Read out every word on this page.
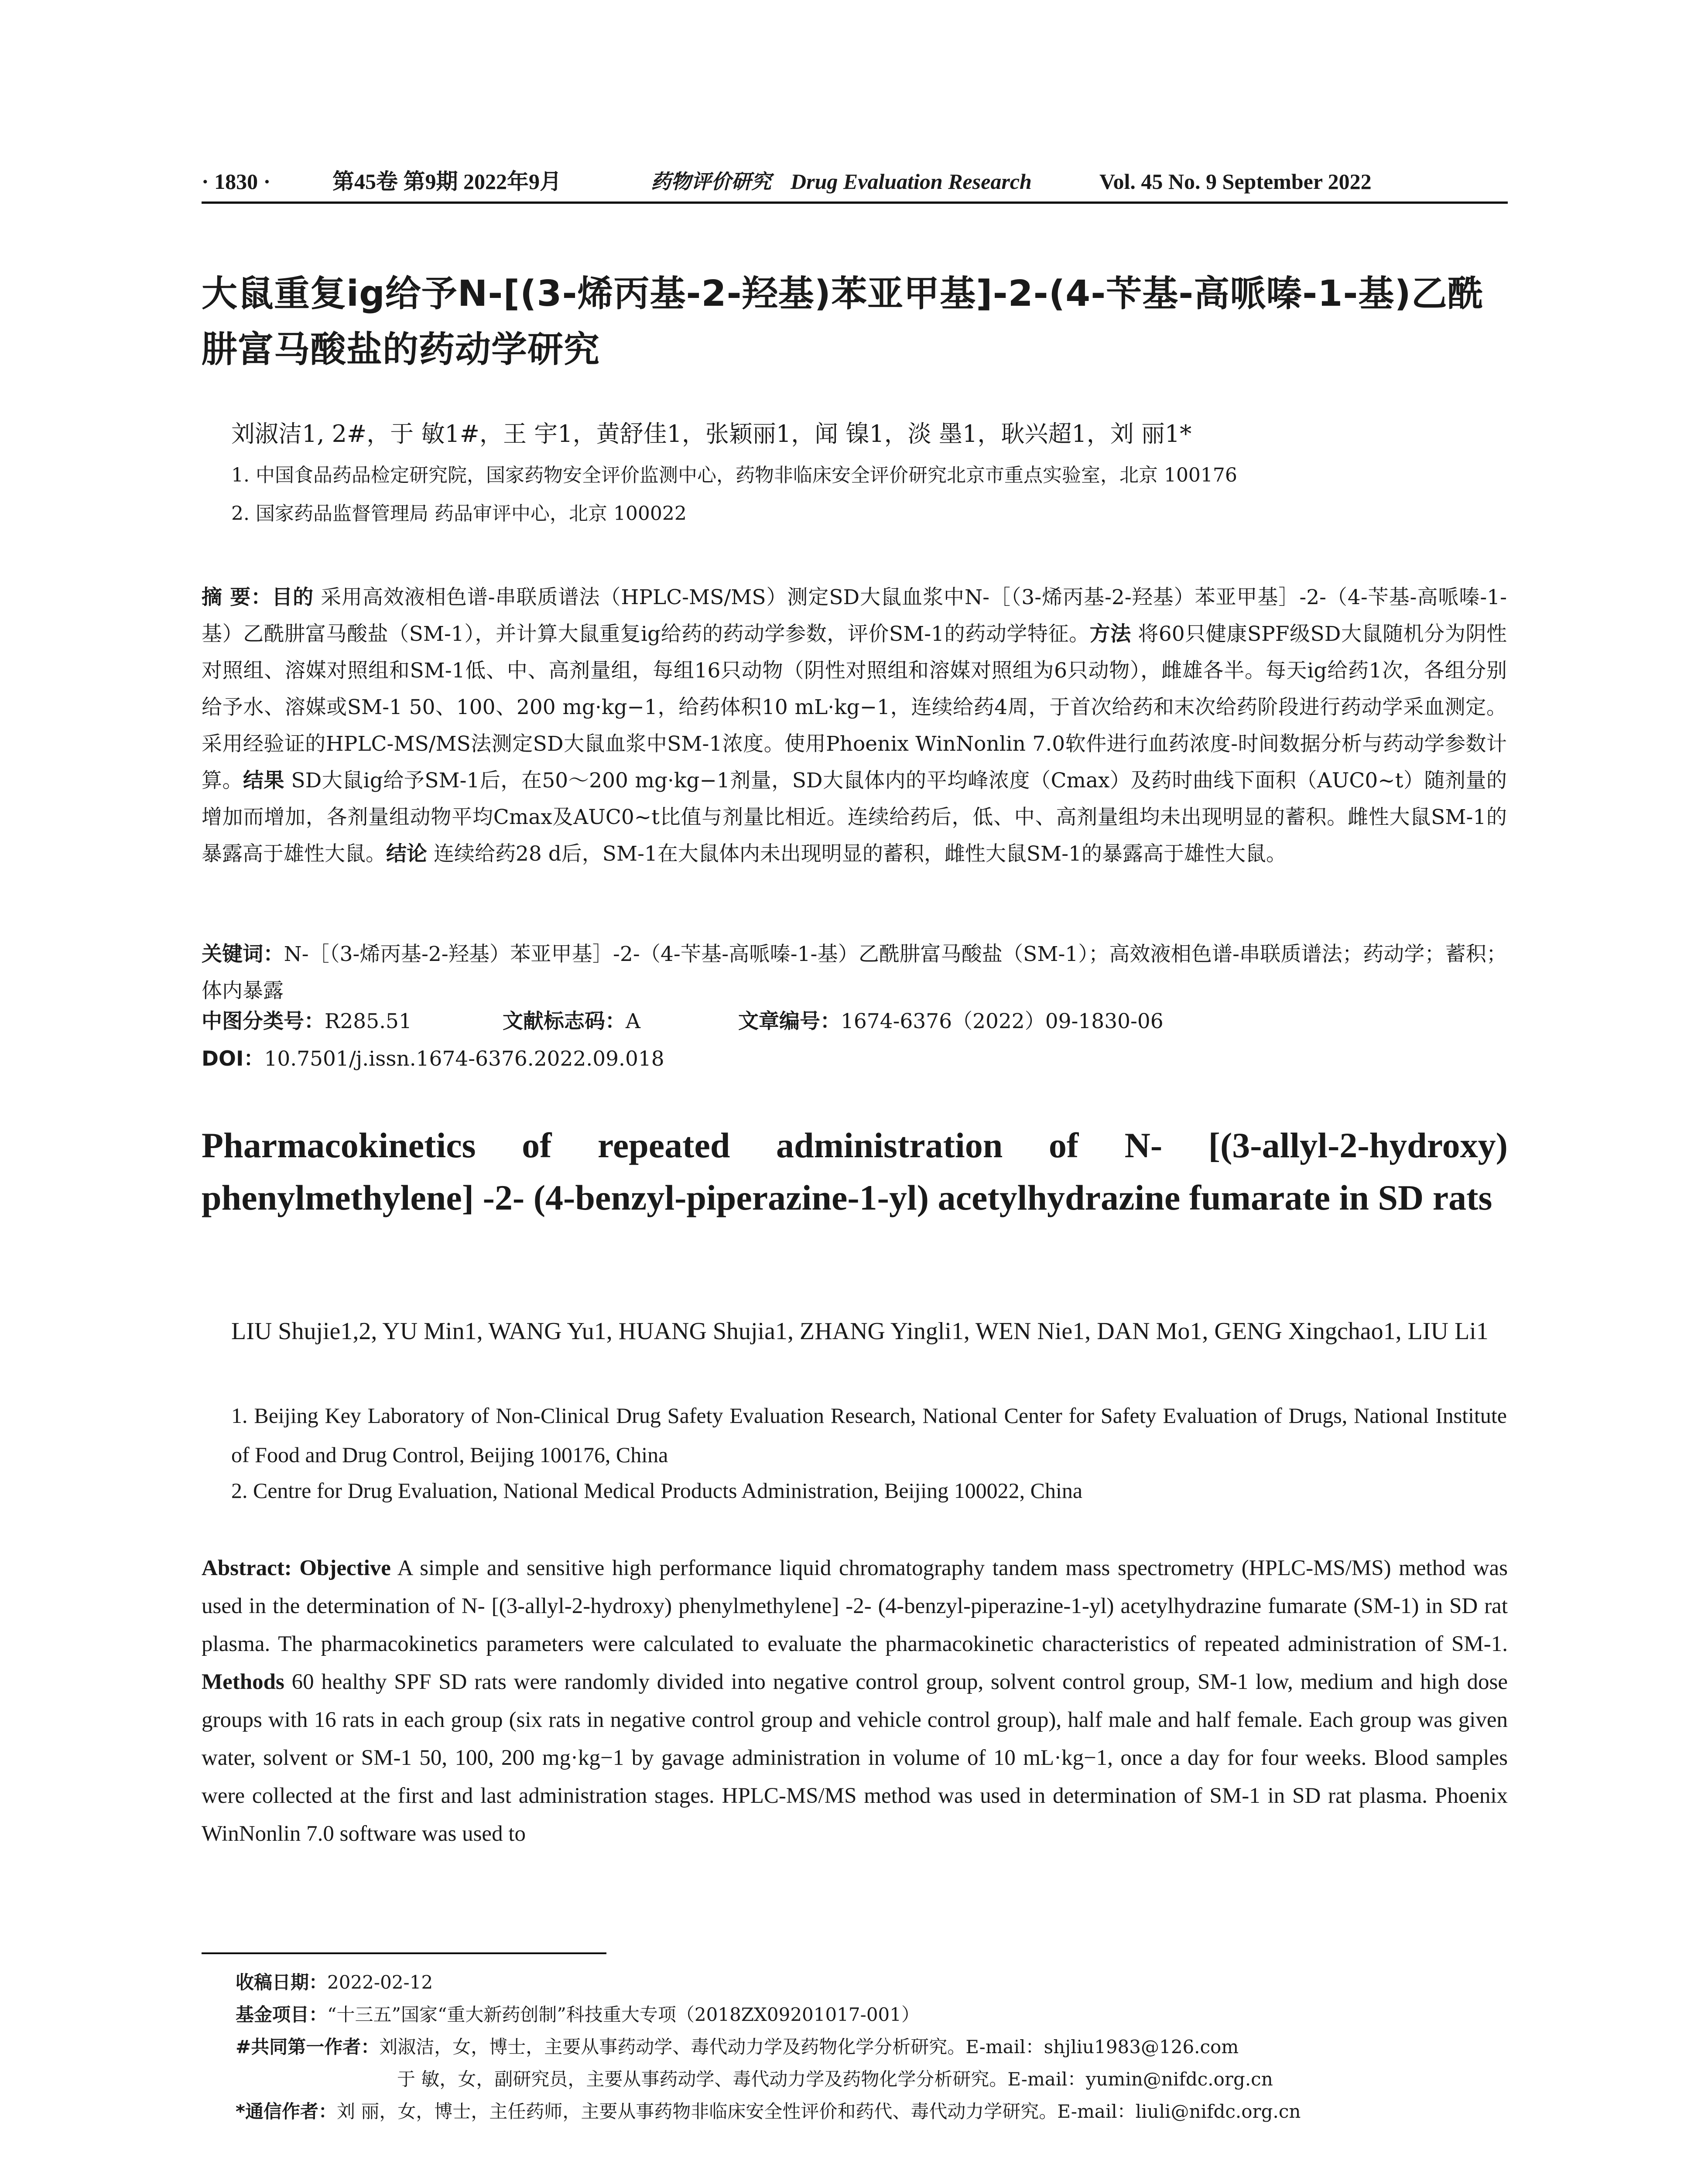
· 1830 ·	第45卷 第9期 2022年9月	药物评价研究 Drug Evaluation Research	Vol. 45 No. 9 September 2022
大鼠重复ig给予N-[(3-烯丙基-2-羟基)苯亚甲基]-2-(4-苄基-高哌嗪-1-基)乙酰肼富马酸盐的药动学研究
刘淑洁1, 2#，于 敏1#，王 宇1，黄舒佳1，张颖丽1，闻 镍1，淡 墨1，耿兴超1，刘 丽1*
1. 中国食品药品检定研究院，国家药物安全评价监测中心，药物非临床安全评价研究北京市重点实验室，北京 100176
2. 国家药品监督管理局 药品审评中心，北京 100022
摘 要：目的 采用高效液相色谱-串联质谱法（HPLC-MS/MS）测定SD大鼠血浆中N-［（3-烯丙基-2-羟基）苯亚甲基］-2-（4-苄基-高哌嗪-1-基）乙酰肼富马酸盐（SM-1），并计算大鼠重复ig给药的药动学参数，评价SM-1的药动学特征。方法 将60只健康SPF级SD大鼠随机分为阴性对照组、溶媒对照组和SM-1低、中、高剂量组，每组16只动物（阴性对照组和溶媒对照组为6只动物），雌雄各半。每天ig给药1次，各组分别给予水、溶媒或SM-1 50、100、200 mg·kg−1，给药体积10 mL·kg−1，连续给药4周，于首次给药和末次给药阶段进行药动学采血测定。采用经验证的HPLC-MS/MS法测定SD大鼠血浆中SM-1浓度。使用Phoenix WinNonlin 7.0软件进行血药浓度-时间数据分析与药动学参数计算。结果 SD大鼠ig给予SM-1后，在50～200 mg·kg−1剂量，SD大鼠体内的平均峰浓度（Cmax）及药时曲线下面积（AUC0~t）随剂量的增加而增加，各剂量组动物平均Cmax及AUC0~t比值与剂量比相近。连续给药后，低、中、高剂量组均未出现明显的蓄积。雌性大鼠SM-1的暴露高于雄性大鼠。结论 连续给药28 d后，SM-1在大鼠体内未出现明显的蓄积，雌性大鼠SM-1的暴露高于雄性大鼠。
关键词：N-［（3-烯丙基-2-羟基）苯亚甲基］-2-（4-苄基-高哌嗪-1-基）乙酰肼富马酸盐（SM-1）；高效液相色谱-串联质谱法；药动学；蓄积；体内暴露
中图分类号：R285.51	文献标志码：A	文章编号：1674-6376（2022）09-1830-06
DOI：10.7501/j.issn.1674-6376.2022.09.018
Pharmacokinetics of repeated administration of N- [(3-allyl-2-hydroxy) phenylmethylene] -2- (4-benzyl-piperazine-1-yl) acetylhydrazine fumarate in SD rats
LIU Shujie1,2, YU Min1, WANG Yu1, HUANG Shujia1, ZHANG Yingli1, WEN Nie1, DAN Mo1, GENG Xingchao1, LIU Li1
1. Beijing Key Laboratory of Non-Clinical Drug Safety Evaluation Research, National Center for Safety Evaluation of Drugs, National Institute of Food and Drug Control, Beijing 100176, China
2. Centre for Drug Evaluation, National Medical Products Administration, Beijing 100022, China
Abstract: Objective A simple and sensitive high performance liquid chromatography tandem mass spectrometry (HPLC-MS/MS) method was used in the determination of N- [(3-allyl-2-hydroxy) phenylmethylene] -2- (4-benzyl-piperazine-1-yl) acetylhydrazine fumarate (SM-1) in SD rat plasma. The pharmacokinetics parameters were calculated to evaluate the pharmacokinetic characteristics of repeated administration of SM-1. Methods 60 healthy SPF SD rats were randomly divided into negative control group, solvent control group, SM-1 low, medium and high dose groups with 16 rats in each group (six rats in negative control group and vehicle control group), half male and half female. Each group was given water, solvent or SM-1 50, 100, 200 mg·kg−1 by gavage administration in volume of 10 mL·kg−1, once a day for four weeks. Blood samples were collected at the first and last administration stages. HPLC-MS/MS method was used in determination of SM-1 in SD rat plasma. Phoenix WinNonlin 7.0 software was used to
收稿日期：2022-02-12
基金项目：“十三五”国家“重大新药创制”科技重大专项（2018ZX09201017-001）
#共同第一作者：刘淑洁，女，博士，主要从事药动学、毒代动力学及药物化学分析研究。E-mail：shjliu1983@126.com
于 敏，女，副研究员，主要从事药动学、毒代动力学及药物化学分析研究。E-mail：yumin@nifdc.org.cn
*通信作者：刘 丽，女，博士，主任药师，主要从事药物非临床安全性评价和药代、毒代动力学研究。E-mail：liuli@nifdc.org.cn
